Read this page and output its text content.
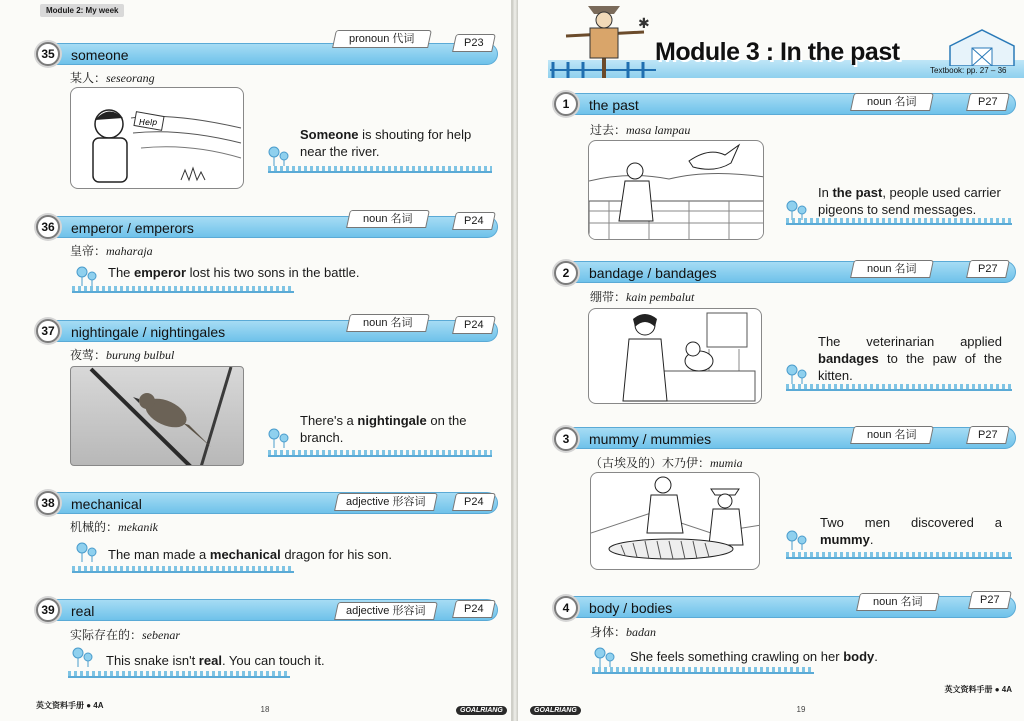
Module 2: My week
someone
35
pronoun 代词	P23
某人：seseorang
Help
Someone is shouting for help near the river.
emperor / emperors
36
noun 名词	P24
皇帝：maharaja
The emperor lost his two sons in the battle.
nightingale / nightingales
37
noun 名词	P24
夜莺：burung bulbul
There's a nightingale on the branch.
mechanical
38	adjective 形容词	P24
机械的：mekanik
The man made a mechanical dragon for his son.
real
39	adjective 形容词	P24
实际存在的：sebenar
This snake isn't real. You can touch it.
英文资料手册 ● 4A	18	GOALRIANG
✱
Module 3 : In the past
Textbook: pp. 27 – 36
the past
1	noun 名词	P27
过去：masa lampau
In the past, people used carrier pigeons to send messages.
bandage / bandages
2	noun 名词	P27
绷带：kain pembalut
The veterinarian applied bandages to the paw of the kitten.
mummy / mummies
3	noun 名词	P27
（古埃及的）木乃伊：mumia
Two men discovered a mummy.
body / bodies
4	noun 名词	P27
身体：badan
She feels something crawling on her body.
GOALRIANG	19
英文资料手册 ● 4A
